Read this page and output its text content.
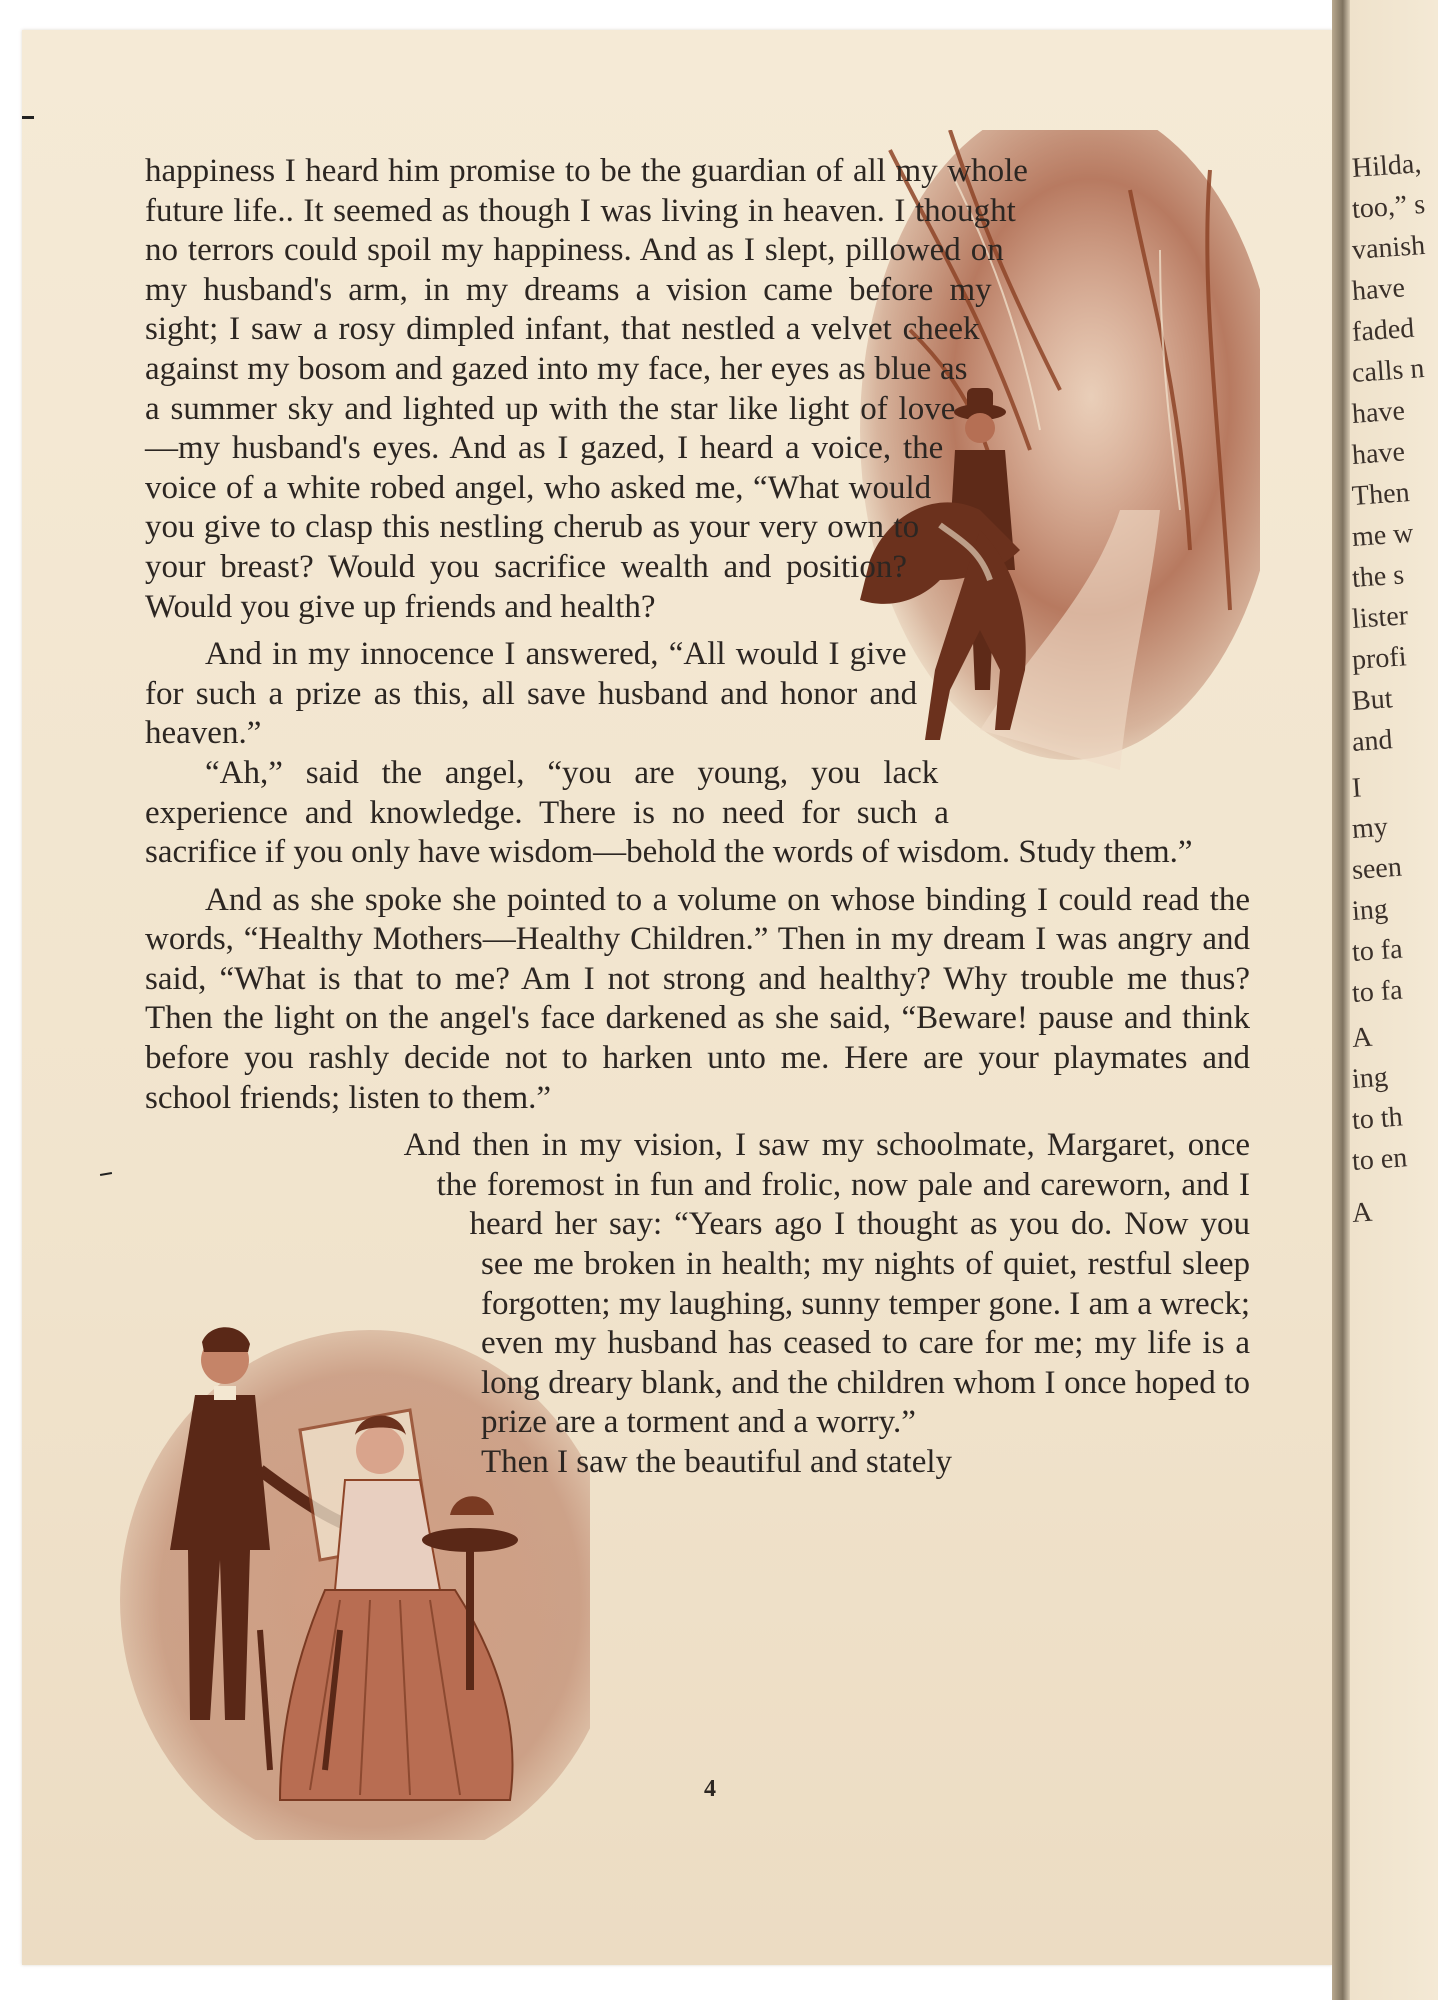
Hilda,
too,” s
vanish
have
faded
calls n
have
have
Then
me w
the s
lister
profi
But
and
I
my
seen
ing
to fa
to fa
A
ing
to th
to en
A

happiness I heard him promise to be the guardian of all my whole future life.. It seemed as though I was living in heaven. I thought no terrors could spoil my happiness. And as I slept, pillowed on my husband's arm, in my dreams a vision came before my sight; I saw a rosy dimpled infant, that nestled a velvet cheek against my bosom and gazed into my face, her eyes as blue as a summer sky and lighted up with the star like light of love—my husband's eyes. And as I gazed, I heard a voice, the voice of a white robed angel, who asked me, “What would you give to clasp this nestling cherub as your very own to your breast? Would you sacrifice wealth and position? Would you give up friends and health?

And in my innocence I answered, “All would I give for such a prize as this, all save husband and honor and heaven.”

“Ah,” said the angel, “you are young, you lack experience and knowledge. There is no need for such a sacrifice if you only have wisdom—behold the words of wisdom. Study them.”

And as she spoke she pointed to a volume on whose binding I could read the words, “Healthy Mothers—Healthy Children.” Then in my dream I was angry and said, “What is that to me? Am I not strong and healthy? Why trouble me thus? Then the light on the angel's face darkened as she said, “Beware! pause and think before you rashly decide not to harken unto me. Here are your playmates and school friends; listen to them.”

And then in my vision, I saw my schoolmate, Margaret, once the foremost in fun and frolic, now pale and careworn, and I heard her say: “Years ago I thought as you do. Now you see me broken in health; my nights of quiet, restful sleep forgotten; my laughing, sunny temper gone. I am a wreck; even my husband has ceased to care for me; my life is a long dreary blank, and the children whom I once hoped to prize are a torment and a worry.”

Then I saw the beautiful and stately

4
